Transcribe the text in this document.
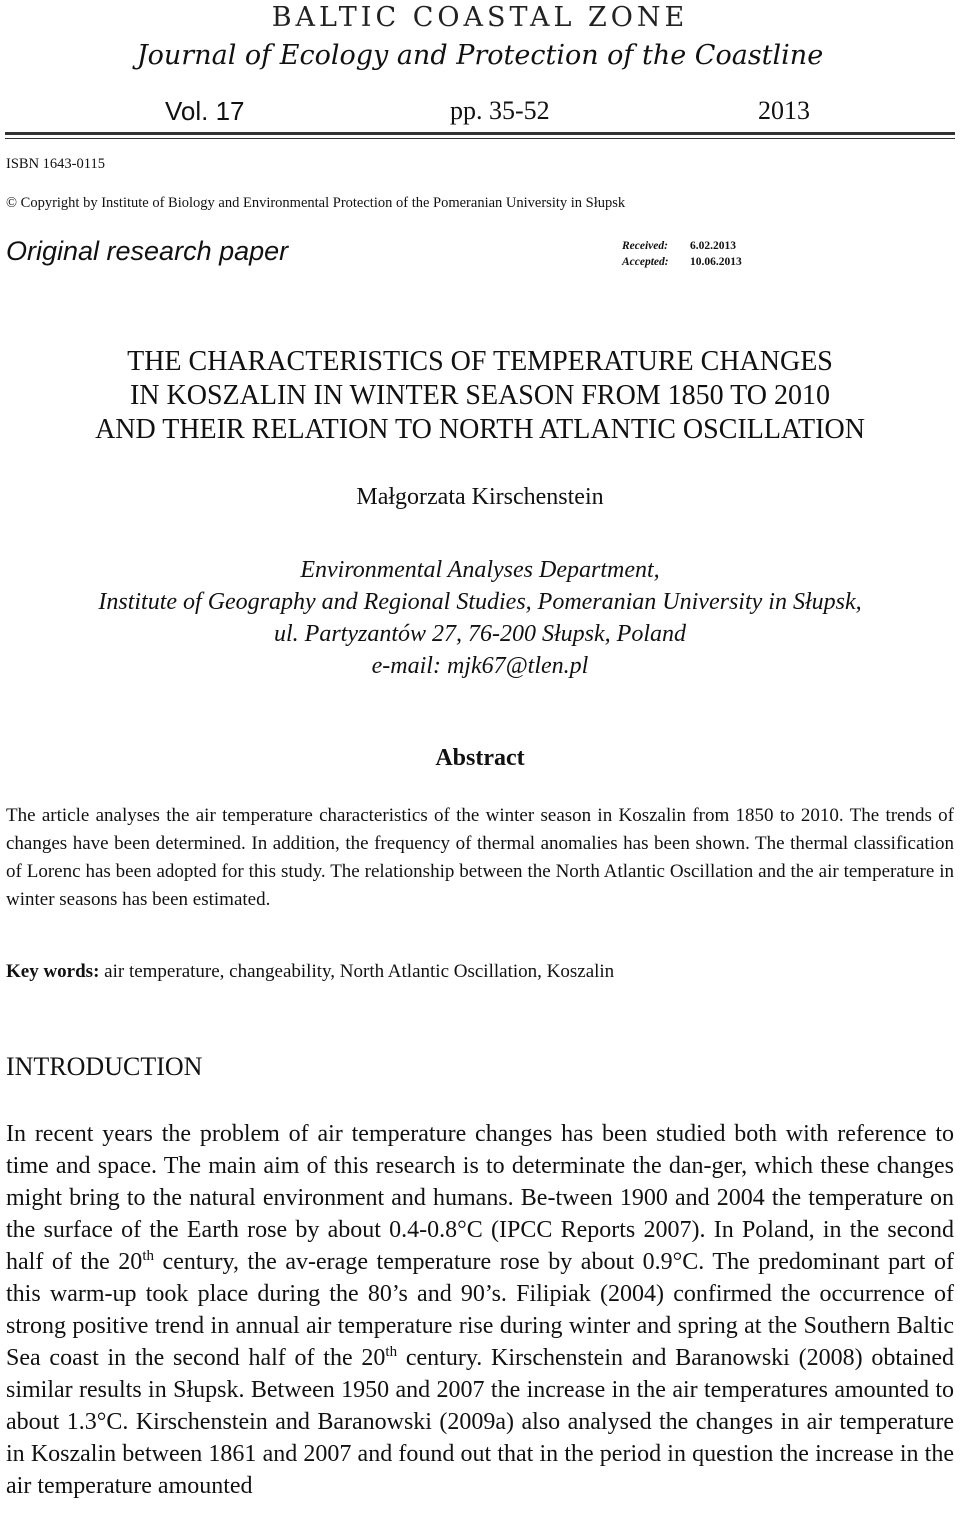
BALTIC COASTAL ZONE
Journal of Ecology and Protection of the Coastline
Vol. 17	pp. 35-52	2013
ISBN 1643-0115
© Copyright by Institute of Biology and Environmental Protection of the Pomeranian University in Słupsk
Original research paper	Received: 6.02.2013
Accepted: 10.06.2013
THE CHARACTERISTICS OF TEMPERATURE CHANGES
IN KOSZALIN IN WINTER SEASON FROM 1850 TO 2010
AND THEIR RELATION TO NORTH ATLANTIC OSCILLATION
Małgorzata Kirschenstein
Environmental Analyses Department,
Institute of Geography and Regional Studies, Pomeranian University in Słupsk,
ul. Partyzantów 27, 76-200 Słupsk, Poland
e-mail: mjk67@tlen.pl
Abstract

The article analyses the air temperature characteristics of the winter season in Koszalin from 1850 to 2010. The trends of changes have been determined. In addition, the frequency of thermal anomalies has been shown. The thermal classification of Lorenc has been adopted for this study. The relationship between the North Atlantic Oscillation and the air temperature in winter seasons has been estimated.

Key words: air temperature, changeability, North Atlantic Oscillation, Koszalin

INTRODUCTION

In recent years the problem of air temperature changes has been studied both with reference to time and space. The main aim of this research is to determinate the dan-ger, which these changes might bring to the natural environment and humans. Be-tween 1900 and 2004 the temperature on the surface of the Earth rose by about 0.4-0.8°C (IPCC Reports 2007). In Poland, in the second half of the 20th century, the av-erage temperature rose by about 0.9°C. The predominant part of this warm-up took place during the 80’s and 90’s. Filipiak (2004) confirmed the occurrence of strong positive trend in annual air temperature rise during winter and spring at the Southern Baltic Sea coast in the second half of the 20th century. Kirschenstein and Baranowski (2008) obtained similar results in Słupsk. Between 1950 and 2007 the increase in the air temperatures amounted to about 1.3°C. Kirschenstein and Baranowski (2009a) also analysed the changes in air temperature in Koszalin between 1861 and 2007 and found out that in the period in question the increase in the air temperature amounted
